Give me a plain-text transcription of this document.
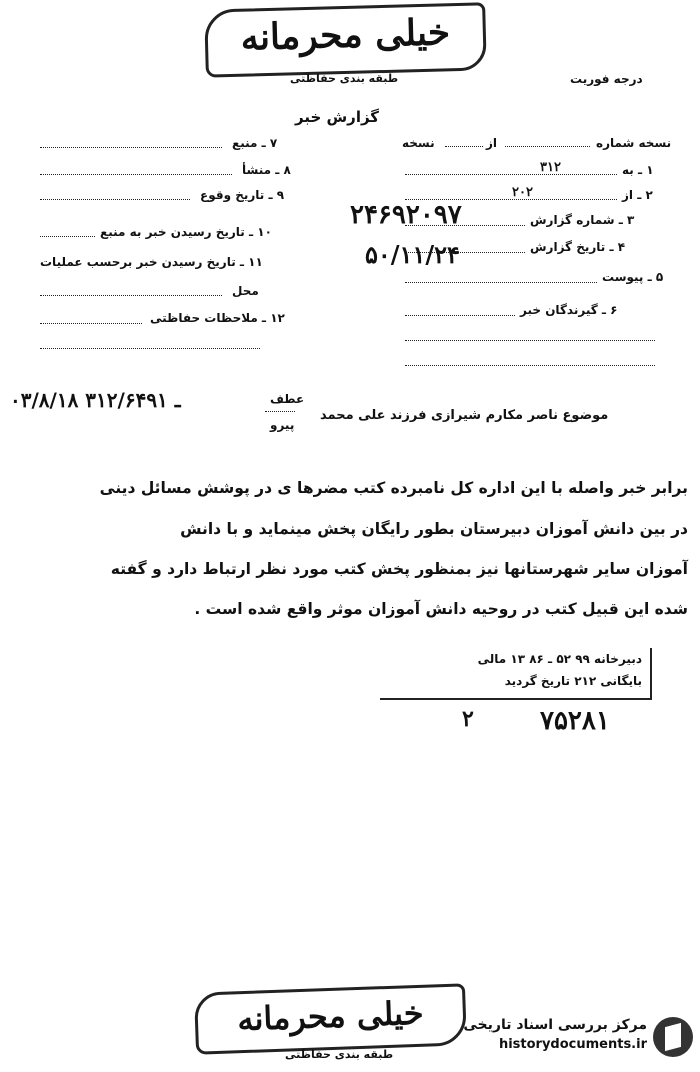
خیلی محرمانه
طبقه بندی حفاظتی	درجه فوریت
گزارش خبر
نسخه شماره
از
نسخه
۱ ـ به
۳۱۲
۲ ـ از
۲۰۲
۳ ـ شماره گزارش
۲۴۶۹۲۰۹۷
۴ ـ تاریخ گزارش
۵۰/۱۱/۲۴
۵ ـ پیوست
۶ ـ گیرندگان خبر
۷ ـ منبع
۸ ـ منشأ
۹ ـ تاریخ وقوع
۱۰ ـ تاریخ رسیدن خبر به منبع
۱۱ ـ تاریخ رسیدن خبر برحسب عملیات
محل
۱۲ ـ ملاحظات حفاظتی
۰۳/۸/۱۸ ـ ۳۱۲/۶۴۹۱	عطف
پیرو
موضوع ناصر مکارم شیرازی فرزند علی محمد
برابر خبر واصله با این اداره کل نامبرده کتب مضرها ی در پوشش مسائل دینی
در بین دانش آموزان دبیرستان بطور رایگان پخش مینماید و با دانش
آموزان سایر شهرستانها نیز بمنظور پخش کتب مورد نظر ارتباط دارد و گفته
شده این قبیل کتب در روحیه دانش آموزان موثر واقع شده است .
دبیرخانه ۹۹ ۵۲ ـ ۸۶ ۱۳ مالی
بایگانی ۲۱۲ تاریخ گردید
۷۵۲۸۱
۲
خیلی محرمانه
طبقه بندی حفاظتی
مرکز بررسی اسناد تاریخی
historydocuments.ir
